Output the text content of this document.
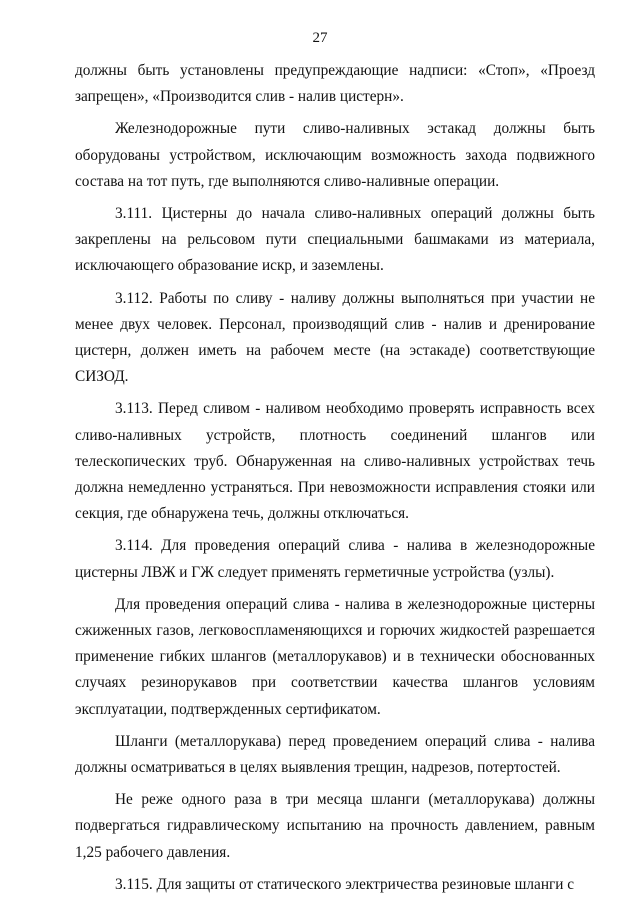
27

должны быть установлены предупреждающие надписи: «Стоп», «Проезд запрещен», «Производится слив - налив цистерн».

Железнодорожные пути сливо-наливных эстакад должны быть оборудованы устройством, исключающим возможность захода подвижного состава на тот путь, где выполняются сливо-наливные операции.

3.111. Цистерны до начала сливо-наливных операций должны быть закреплены на рельсовом пути специальными башмаками из материала, исключающего образование искр, и заземлены.

3.112. Работы по сливу - наливу должны выполняться при участии не менее двух человек. Персонал, производящий слив - налив и дренирование цистерн, должен иметь на рабочем месте (на эстакаде) соответствующие СИЗОД.

3.113. Перед сливом - наливом необходимо проверять исправность всех сливо-наливных устройств, плотность соединений шлангов или телескопических труб. Обнаруженная на сливо-наливных устройствах течь должна немедленно устраняться. При невозможности исправления стояки или секция, где обнаружена течь, должны отключаться.

3.114. Для проведения операций слива - налива в железнодорожные цистерны ЛВЖ и ГЖ следует применять герметичные устройства (узлы).

Для проведения операций слива - налива в железнодорожные цистерны сжиженных газов, легковоспламеняющихся и горючих жидкостей разрешается применение гибких шлангов (металлорукавов) и в технически обоснованных случаях резинорукавов при соответствии качества шлангов условиям эксплуатации, подтвержденных сертификатом.

Шланги (металлорукава) перед проведением операций слива - налива должны осматриваться в целях выявления трещин, надрезов, потертостей.

Не реже одного раза в три месяца шланги (металлорукава) должны подвергаться гидравлическому испытанию на прочность давлением, равным 1,25 рабочего давления.

3.115. Для защиты от статического электричества резиновые шланги с
